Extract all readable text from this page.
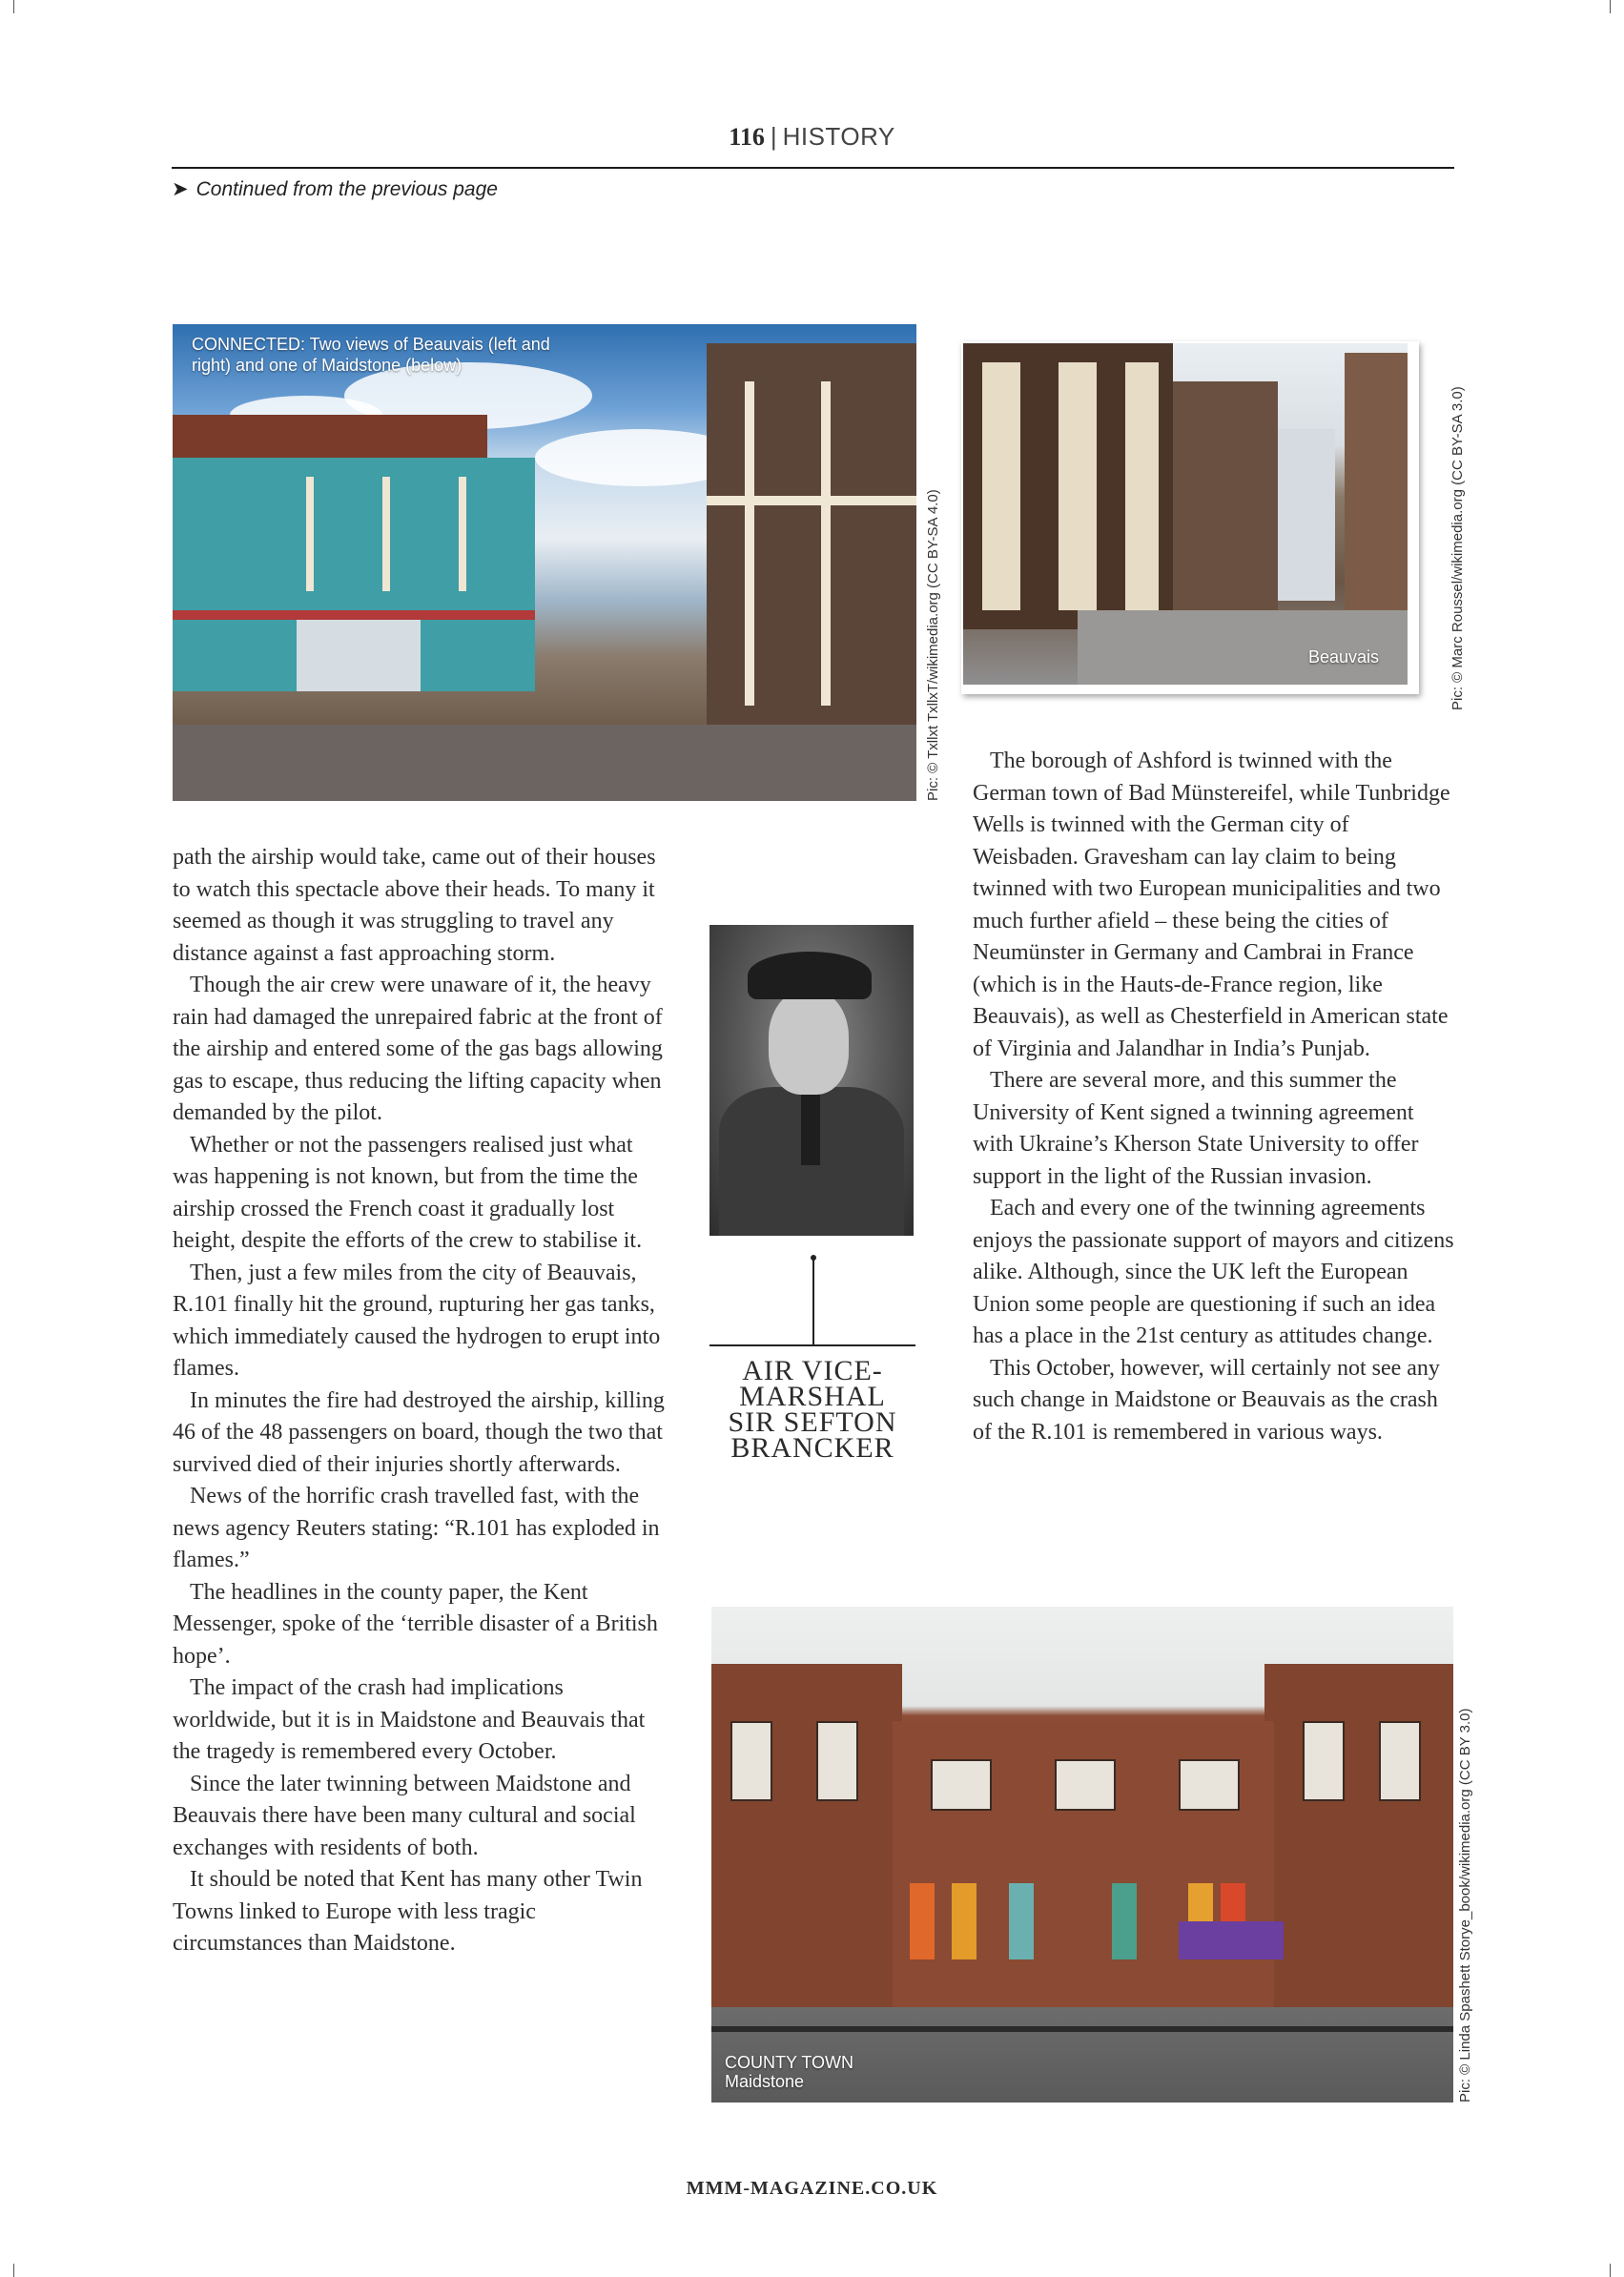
116 | HISTORY
➤ Continued from the previous page
CONNECTED: Two views of Beauvais (left and right) and one of Maidstone (below)
Pic: © Txllxt TxllxT/wikimedia.org (CC BY-SA 4.0)	Beauvais	Pic: © Marc Roussel/wikimedia.org (CC BY-SA 3.0)

path the airship would take, came out of their houses to watch this spectacle above their heads. To many it seemed as though it was struggling to travel any distance against a fast approaching storm.

Though the air crew were unaware of it, the heavy rain had damaged the unrepaired fabric at the front of the airship and entered some of the gas bags allowing gas to escape, thus reducing the lifting capacity when demanded by the pilot.

Whether or not the passengers realised just what was happening is not known, but from the time the airship crossed the French coast it gradually lost height, despite the efforts of the crew to stabilise it.

Then, just a few miles from the city of Beauvais, R.101 finally hit the ground, rupturing her gas tanks, which immediately caused the hydrogen to erupt into flames.

In minutes the fire had destroyed the airship, killing 46 of the 48 passengers on board, though the two that survived died of their injuries shortly afterwards.

News of the horrific crash travelled fast, with the news agency Reuters stating: “R.101 has exploded in flames.”

The headlines in the county paper, the Kent Messenger, spoke of the ‘terrible disaster of a British hope’.

The impact of the crash had implications worldwide, but it is in Maidstone and Beauvais that the tragedy is remembered every October.

Since the later twinning between Maidstone and Beauvais there have been many cultural and social exchanges with residents of both.

It should be noted that Kent has many other Twin Towns linked to Europe with less tragic circumstances than Maidstone.

AIR VICE-
MARSHAL
SIR SEFTON
BRANCKER

The borough of Ashford is twinned with the German town of Bad Münstereifel, while Tunbridge Wells is twinned with the German city of Weisbaden. Gravesham can lay claim to being twinned with two European municipalities and two much further afield – these being the cities of Neumünster in Germany and Cambrai in France (which is in the Hauts-de-France region, like Beauvais), as well as Chesterfield in American state of Virginia and Jalandhar in India’s Punjab.

There are several more, and this summer the University of Kent signed a twinning agreement with Ukraine’s Kherson State University to offer support in the light of the Russian invasion.

Each and every one of the twinning agreements enjoys the passionate support of mayors and citizens alike. Although, since the UK left the European Union some people are questioning if such an idea has a place in the 21st century as attitudes change.

This October, however, will certainly not see any such change in Maidstone or Beauvais as the crash of the R.101 is remembered in various ways.

COUNTY TOWN
Maidstone	Pic: © Linda Spashett Storye_book/wikimedia.org (CC BY 3.0)
MMM-MAGAZINE.CO.UK
